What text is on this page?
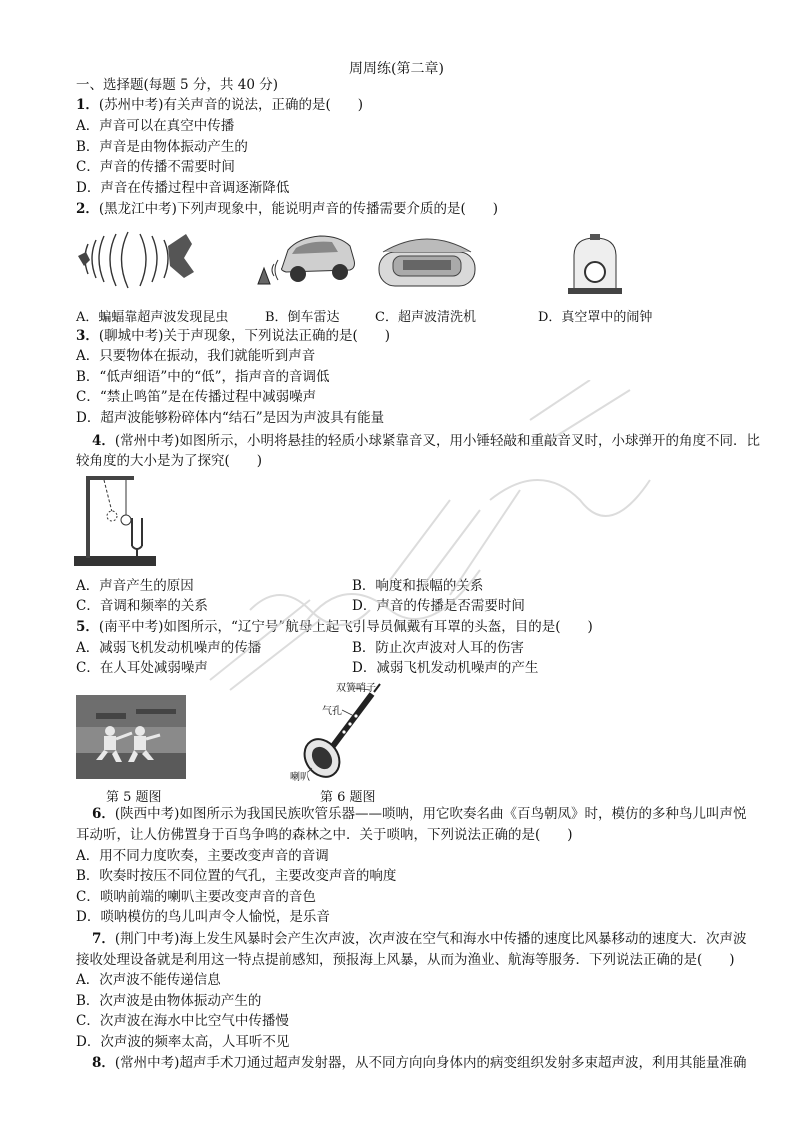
周周练(第二章)
一、选择题(每题 5 分，共 40 分)
1．(苏州中考)有关声音的说法，正确的是(　　)
A．声音可以在真空中传播
B．声音是由物体振动产生的
C．声音的传播不需要时间
D．声音在传播过程中音调逐渐降低
2．(黑龙江中考)下列声现象中，能说明声音的传播需要介质的是(　　)
A．蝙蝠靠超声波发现昆虫	B．倒车雷达	C．超声波清洗机	D．真空罩中的闹钟
3．(聊城中考)关于声现象，下列说法正确的是(　　)
A．只要物体在振动，我们就能听到声音
B．“低声细语”中的“低”，指声音的音调低
C．“禁止鸣笛”是在传播过程中减弱噪声
D．超声波能够粉碎体内“结石”是因为声波具有能量
4．(常州中考)如图所示，小明将悬挂的轻质小球紧靠音叉，用小锤轻敲和重敲音叉时，小球弹开的角度不同．比
较角度的大小是为了探究(　　)
A．声音产生的原因	B．响度和振幅的关系
C．音调和频率的关系	D．声音的传播是否需要时间
5．(南平中考)如图所示，“辽宁号”航母上起飞引导员佩戴有耳罩的头盔，目的是(　　)
A．减弱飞机发动机噪声的传播	B．防止次声波对人耳的伤害
C．在人耳处减弱噪声	D．减弱飞机发动机噪声的产生
第 5 题图
双簧哨子
气孔
喇叭
第 6 题图
6．(陕西中考)如图所示为我国民族吹管乐器——唢呐，用它吹奏名曲《百鸟朝凤》时，模仿的多种鸟儿叫声悦
耳动听，让人仿佛置身于百鸟争鸣的森林之中．关于唢呐，下列说法正确的是(　　)
A．用不同力度吹奏，主要改变声音的音调
B．吹奏时按压不同位置的气孔，主要改变声音的响度
C．唢呐前端的喇叭主要改变声音的音色
D．唢呐模仿的鸟儿叫声令人愉悦，是乐音
7．(荆门中考)海上发生风暴时会产生次声波，次声波在空气和海水中传播的速度比风暴移动的速度大．次声波
接收处理设备就是利用这一特点提前感知，预报海上风暴，从而为渔业、航海等服务．下列说法正确的是(　　)
A．次声波不能传递信息
B．次声波是由物体振动产生的
C．次声波在海水中比空气中传播慢
D．次声波的频率太高，人耳听不见
8．(常州中考)超声手术刀通过超声发射器，从不同方向向身体内的病变组织发射多束超声波，利用其能量准确
